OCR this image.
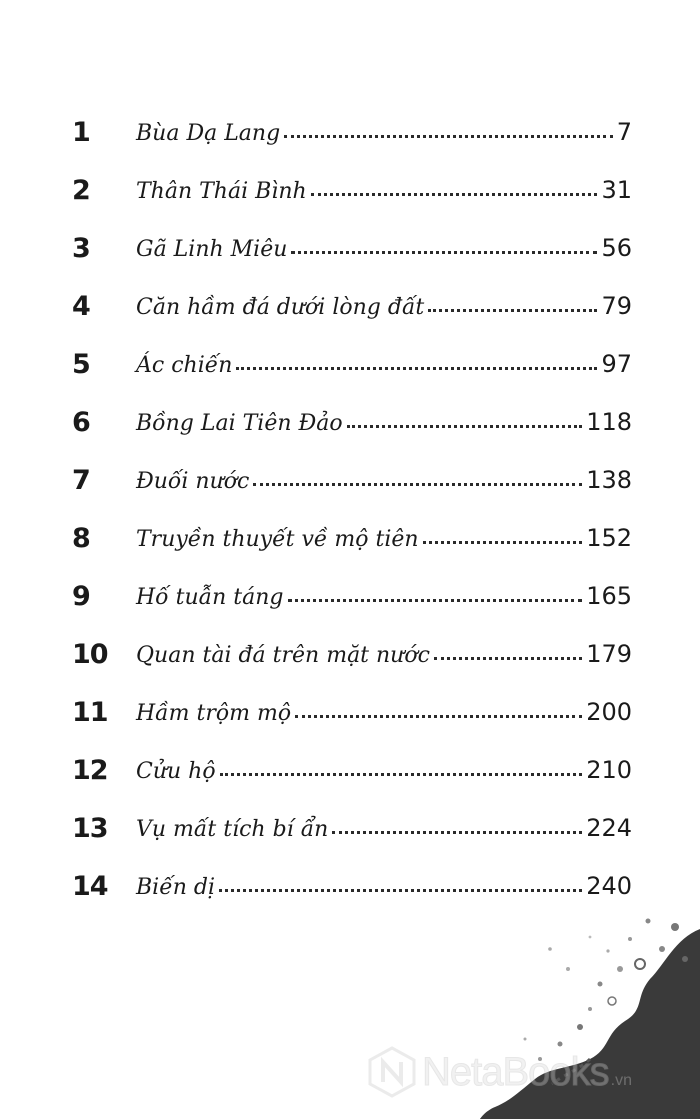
1	Bùa Dạ Lang	7
2	Thân Thái Bình	31
3	Gã Linh Miêu	56
4	Căn hầm đá dưới lòng đất	79
5	Ác chiến	97
6	Bồng Lai Tiên Đảo	118
7	Đuối nước	138
8	Truyền thuyết về mộ tiên	152
9	Hố tuẫn táng	165
10	Quan tài đá trên mặt nước	179
11	Hầm trộm mộ	200
12	Cửu hộ	210
13	Vụ mất tích bí ẩn	224
14	Biến dị	240
NetaBooks .vn
